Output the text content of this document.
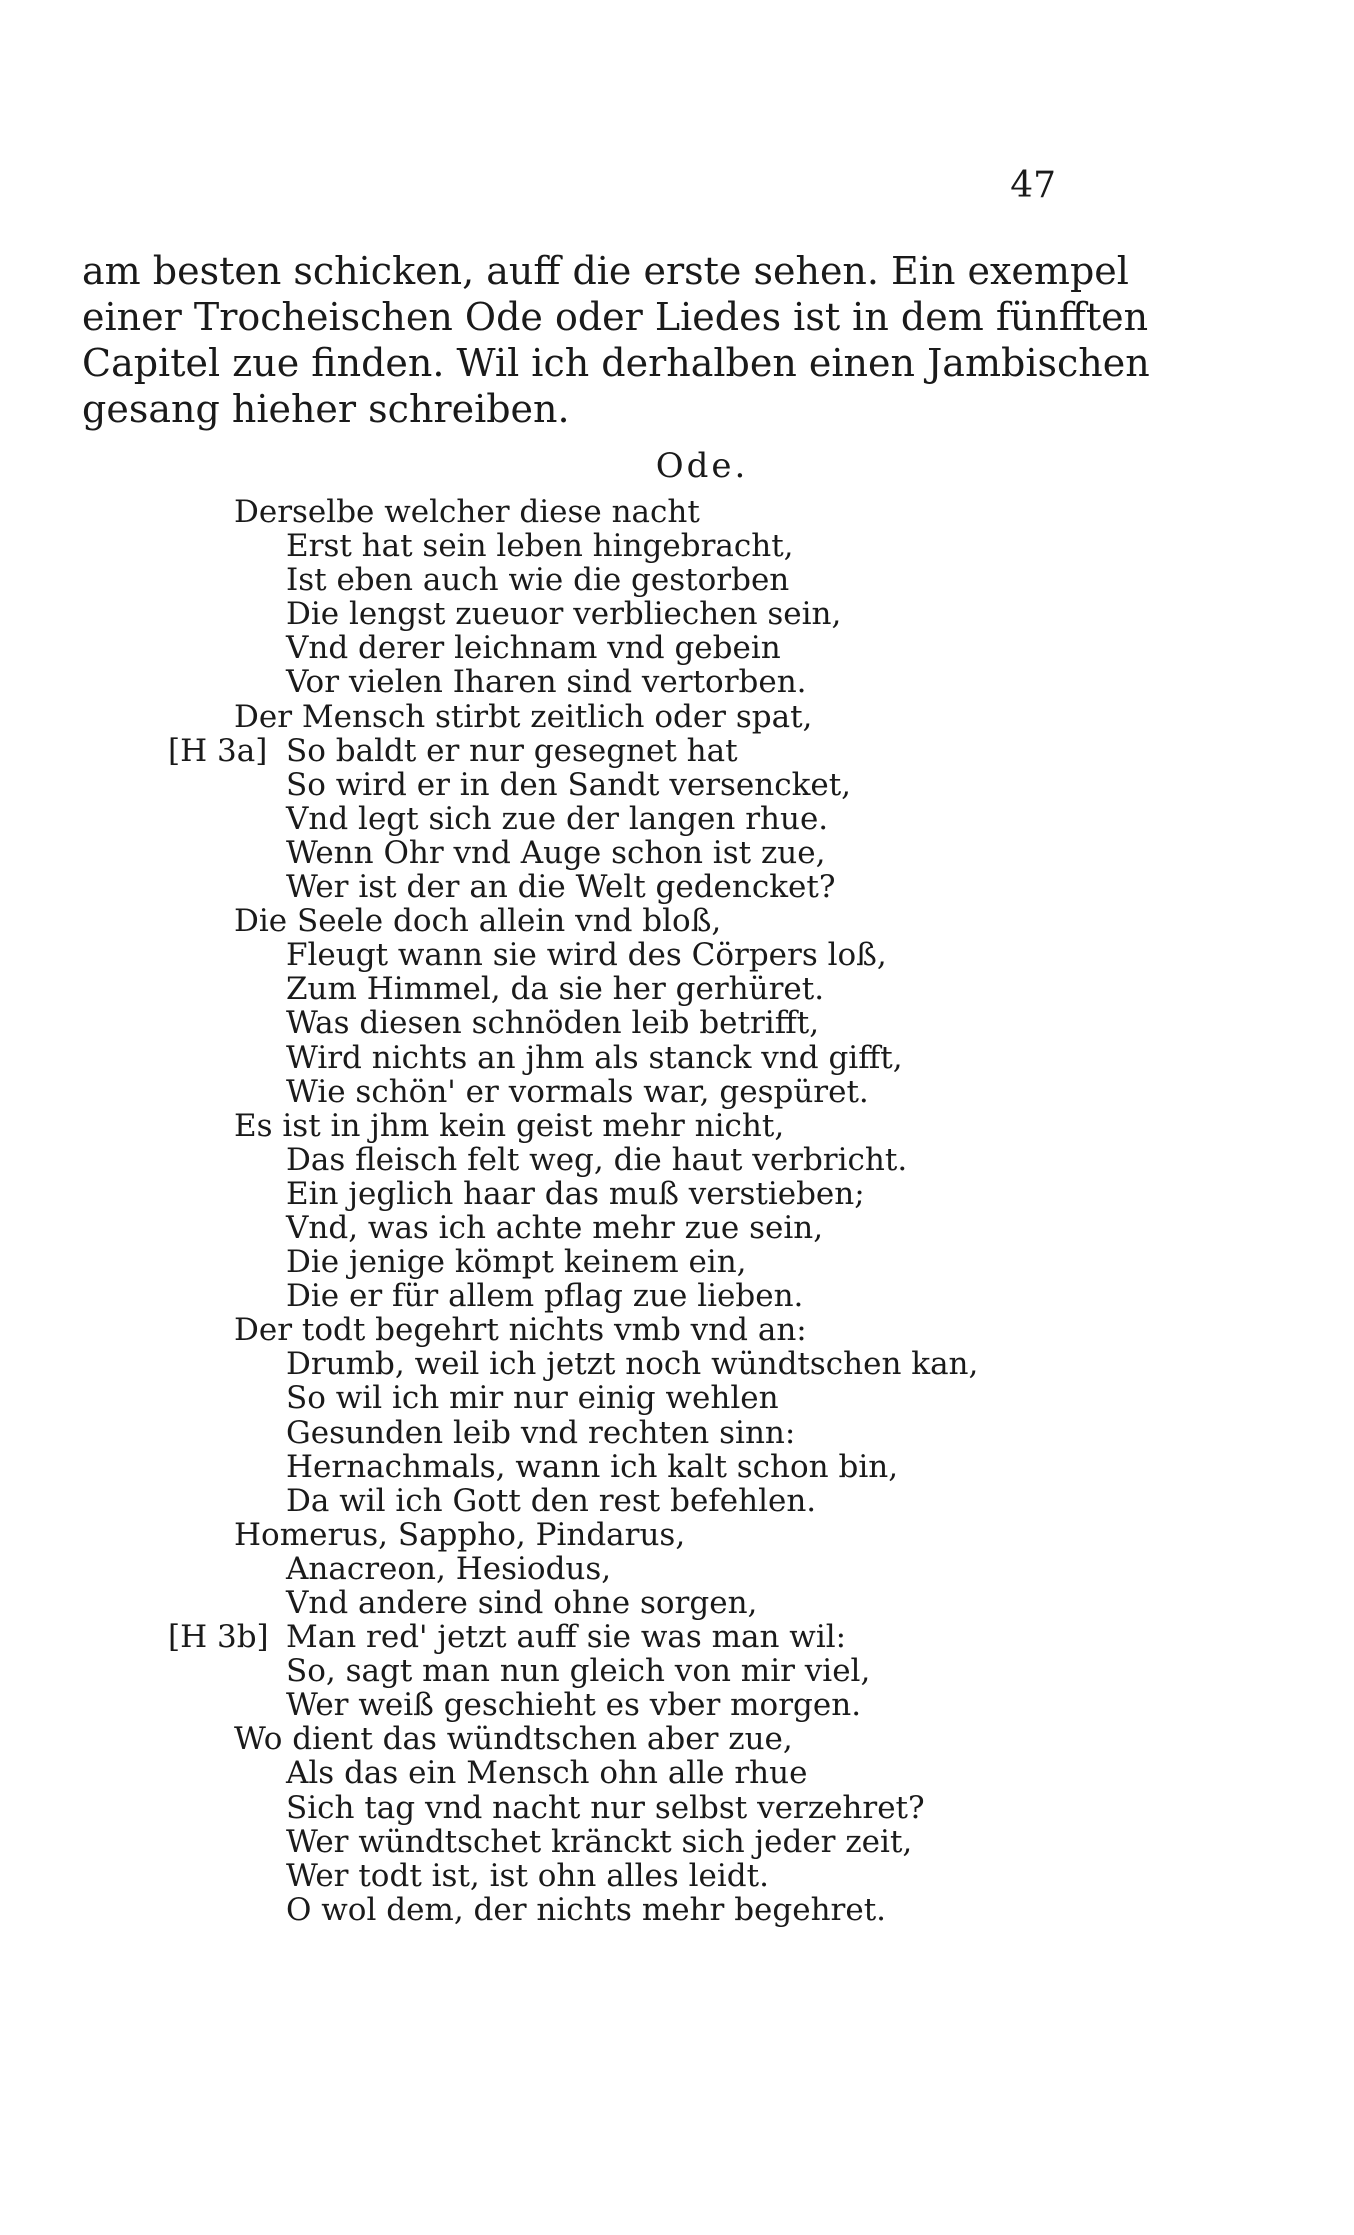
47
am besten schicken, auff die erste sehen. Ein exempel
einer Trocheischen Ode oder Liedes ist in dem fünfften
Capitel zue finden. Wil ich derhalben einen Jambischen
gesang hieher schreiben.
Ode.
Derselbe welcher diese nacht
Erst hat sein leben hingebracht,
Ist eben auch wie die gestorben
Die lengst zueuor verbliechen sein,
Vnd derer leichnam vnd gebein
Vor vielen Iharen sind vertorben.
Der Mensch stirbt zeitlich oder spat,
[H 3a] So baldt er nur gesegnet hat
So wird er in den Sandt versencket,
Vnd legt sich zue der langen rhue.
Wenn Ohr vnd Auge schon ist zue,
Wer ist der an die Welt gedencket?
Die Seele doch allein vnd bloß,
Fleugt wann sie wird des Cörpers loß,
Zum Himmel, da sie her gerhüret.
Was diesen schnöden leib betrifft,
Wird nichts an jhm als stanck vnd gifft,
Wie schön' er vormals war, gespüret.
Es ist in jhm kein geist mehr nicht,
Das fleisch felt weg, die haut verbricht.
Ein jeglich haar das muß verstieben;
Vnd, was ich achte mehr zue sein,
Die jenige kömpt keinem ein,
Die er für allem pflag zue lieben.
Der todt begehrt nichts vmb vnd an:
Drumb, weil ich jetzt noch wündtschen kan,
So wil ich mir nur einig wehlen
Gesunden leib vnd rechten sinn:
Hernachmals, wann ich kalt schon bin,
Da wil ich Gott den rest befehlen.
Homerus, Sappho, Pindarus,
Anacreon, Hesiodus,
Vnd andere sind ohne sorgen,
[H 3b] Man red' jetzt auff sie was man wil:
So, sagt man nun gleich von mir viel,
Wer weiß geschieht es vber morgen.
Wo dient das wündtschen aber zue,
Als das ein Mensch ohn alle rhue
Sich tag vnd nacht nur selbst verzehret?
Wer wündtschet kränckt sich jeder zeit,
Wer todt ist, ist ohn alles leidt.
O wol dem, der nichts mehr begehret.
